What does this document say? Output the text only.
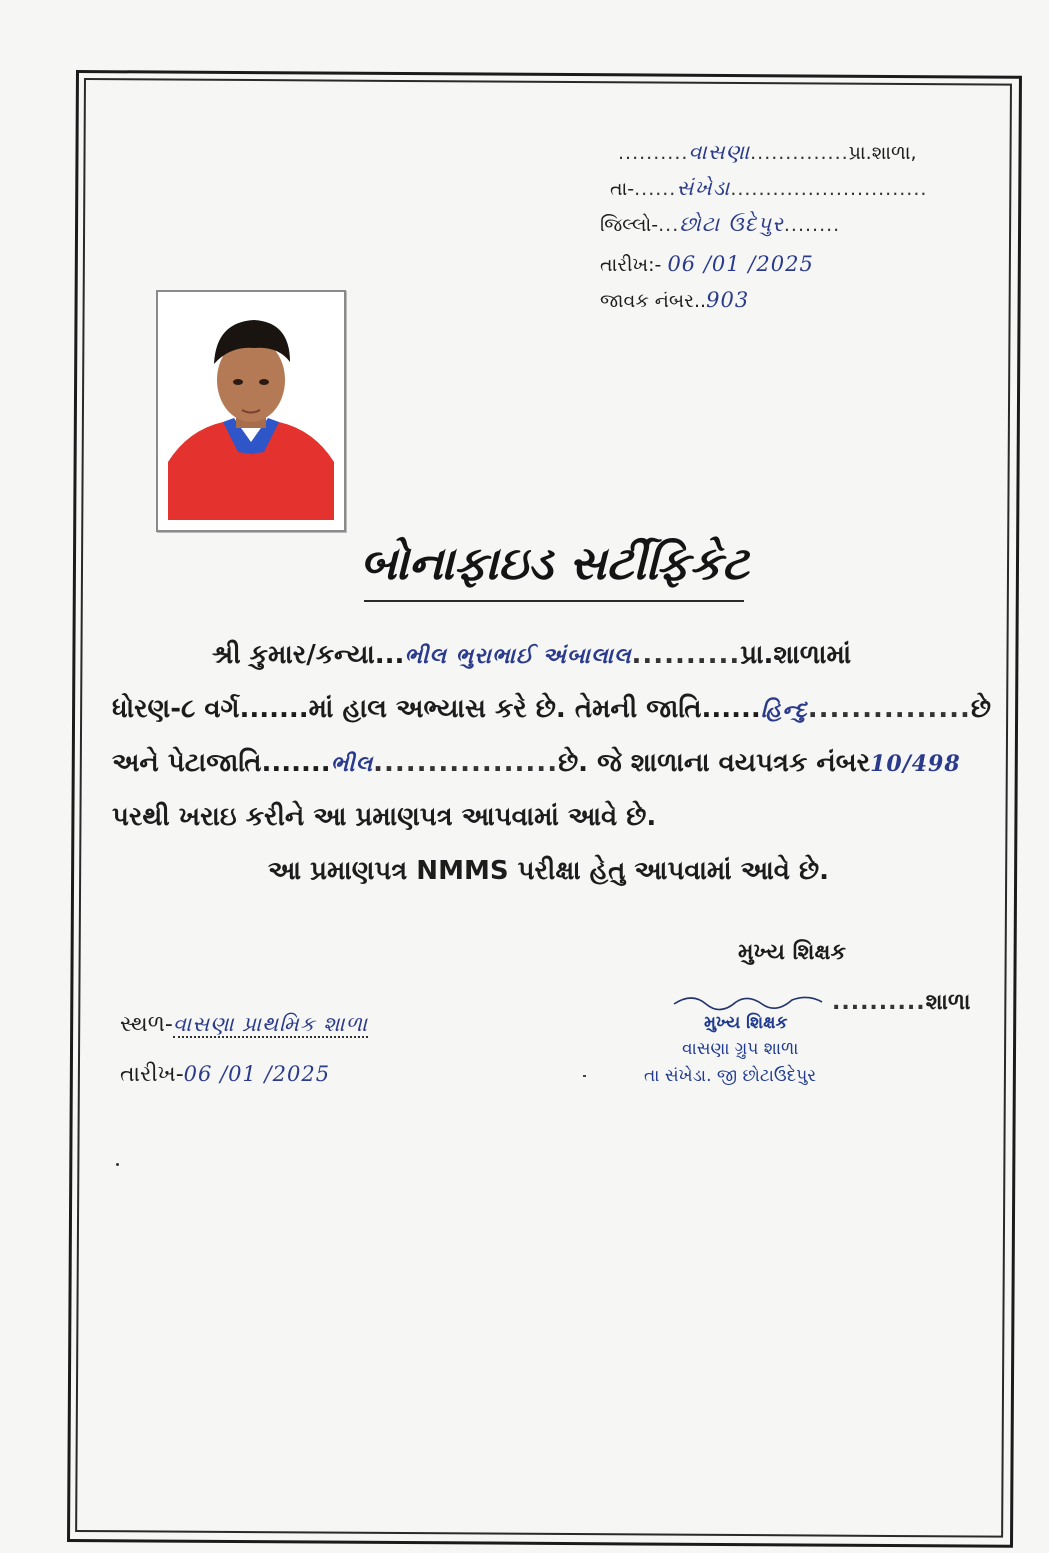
..........વાસણા..............પ્રા.શાળા,
તા-......સંખેડા............................
જિલ્લો-...છોટા ઉદેપુર........
તારીખ:- 06 /01 /2025
જાવક નંબર..903
બોનાફાઇડ સર્ટીફિકેટ
શ્રી કુમાર/કન્યા...ભીલ ભુરાભાઈ અંબાલાલ..........પ્રા.શાળામાં
ધોરણ-૮ વર્ગ.......માં હાલ અભ્યાસ કરે છે. તેમની જાતિ......હિન્દુ...............છે
અને પેટાજાતિ.......ભીલ.................છે. જે શાળાના વયપત્રક નંબર10/498
પરથી ખરાઇ કરીને આ પ્રમાણપત્ર આપવામાં આવે છે.
આ પ્રમાણપત્ર NMMS પરીક્ષા હેતુ આપવામાં આવે છે.
મુખ્ય શિક્ષક
..........શાળા
મુખ્ય શિક્ષક
વાસણા ગ્રુપ શાળા
તા સંખેડા. જી છોટાઉદેપુર
સ્થળ-વાસણા પ્રાથમિક શાળા
તારીખ-06 /01 /2025
